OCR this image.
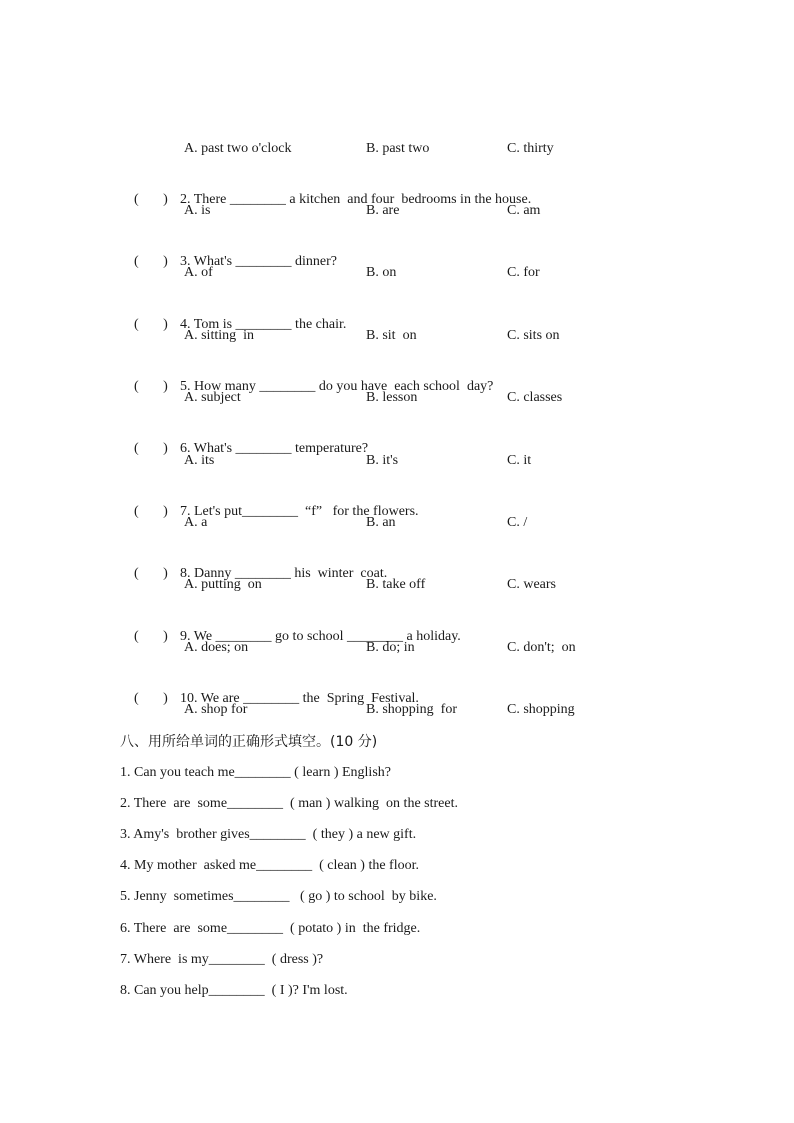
A. past two o'clock	B. past two	C. thirty

(       ) 2. There ________ a kitchen  and four  bedrooms in the house.

A. is	B. are	C. am

(       ) 3. What's ________ dinner?

A. of	B. on	C. for

(       ) 4. Tom is ________ the chair.

A. sitting  in	B. sit  on	C. sits on

(       ) 5. How many ________ do you have  each school  day?

A. subject	B. lesson	C. classes

(       ) 6. What's ________ temperature?

A. its	B. it's	C. it

(       ) 7. Let's put________  “f”   for the flowers.

A. a	B. an	C. /

(       ) 8. Danny ________ his  winter  coat.

A. putting  on	B. take off	C. wears

(       ) 9. We ________ go to school ________ a holiday.

A. does; on	B. do; in	C. don't;  on

(       ) 10. We are ________ the  Spring  Festival.

A. shop for	B. shopping  for	C. shopping
八、用所给单词的正确形式填空。(10 分)
1. Can you teach me________ ( learn ) English?
2. There  are  some________  ( man ) walking  on the street.
3. Amy's  brother gives________  ( they ) a new gift.
4. My mother  asked me________  ( clean ) the floor.
5. Jenny  sometimes________   ( go ) to school  by bike.
6. There  are  some________  ( potato ) in  the fridge.
7. Where  is my________  ( dress )?
8. Can you help________  ( I )? I'm lost.
